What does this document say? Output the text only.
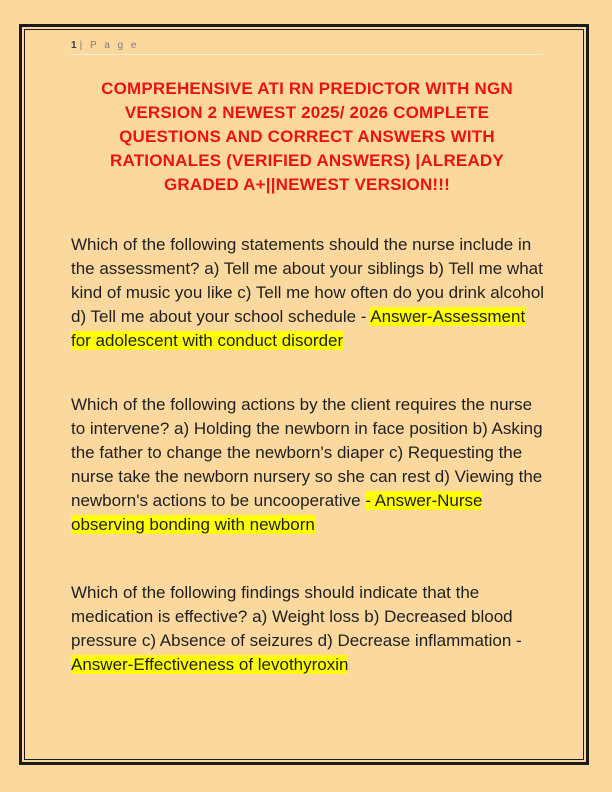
1 | P a g e
COMPREHENSIVE ATI RN PREDICTOR WITH NGN
VERSION 2 NEWEST 2025/ 2026 COMPLETE
QUESTIONS AND CORRECT ANSWERS WITH
RATIONALES (VERIFIED ANSWERS) |ALREADY
GRADED A+||NEWEST VERSION!!!

Which of the following statements should the nurse include in the assessment? a) Tell me about your siblings b) Tell me what kind of music you like c) Tell me how often do you drink alcohol d) Tell me about your school schedule - Answer-Assessment for adolescent with conduct disorder

Which of the following actions by the client requires the nurse to intervene? a) Holding the newborn in face position b) Asking the father to change the newborn's diaper c) Requesting the nurse take the newborn nursery so she can rest d) Viewing the newborn's actions to be uncooperative - Answer-Nurse observing bonding with newborn

Which of the following findings should indicate that the medication is effective? a) Weight loss b) Decreased blood pressure c) Absence of seizures d) Decrease inflammation - Answer-Effectiveness of levothyroxin
